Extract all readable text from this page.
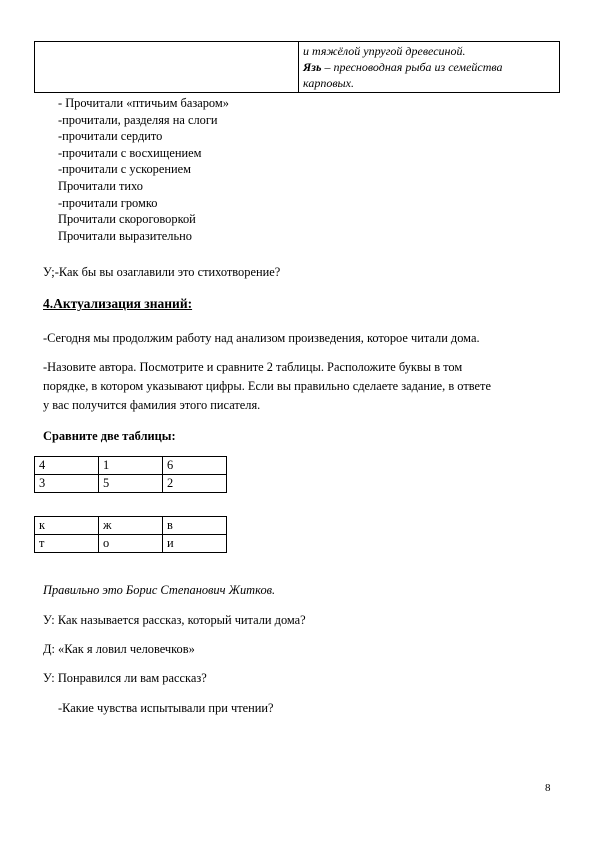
и тяжёлой упругой древесиной.
Язь – пресноводная рыба из семейства
карповых.
- Прочитали «птичьим базаром»
-прочитали, разделяя на слоги
-прочитали сердито
-прочитали с восхищением
-прочитали с ускорением
Прочитали тихо
-прочитали громко
Прочитали скороговоркой
Прочитали выразительно
У;-Как бы вы озаглавили это стихотворение?
4.Актуализация знаний:
-Сегодня мы продолжим работу над анализом произведения, которое читали дома.
-Назовите автора. Посмотрите и сравните 2 таблицы. Расположите буквы в том
порядке, в котором указывают цифры. Если вы правильно сделаете задание, в ответе
у вас получится фамилия этого писателя.
Сравните две таблицы:
4	1	6
3	5	2
к	ж	в
т	о	и
Правильно это Борис Степанович Житков.
У: Как называется рассказ, который читали дома?
Д: «Как я ловил человечков»
У: Понравился ли вам рассказ?
-Какие чувства испытывали при чтении?
8
